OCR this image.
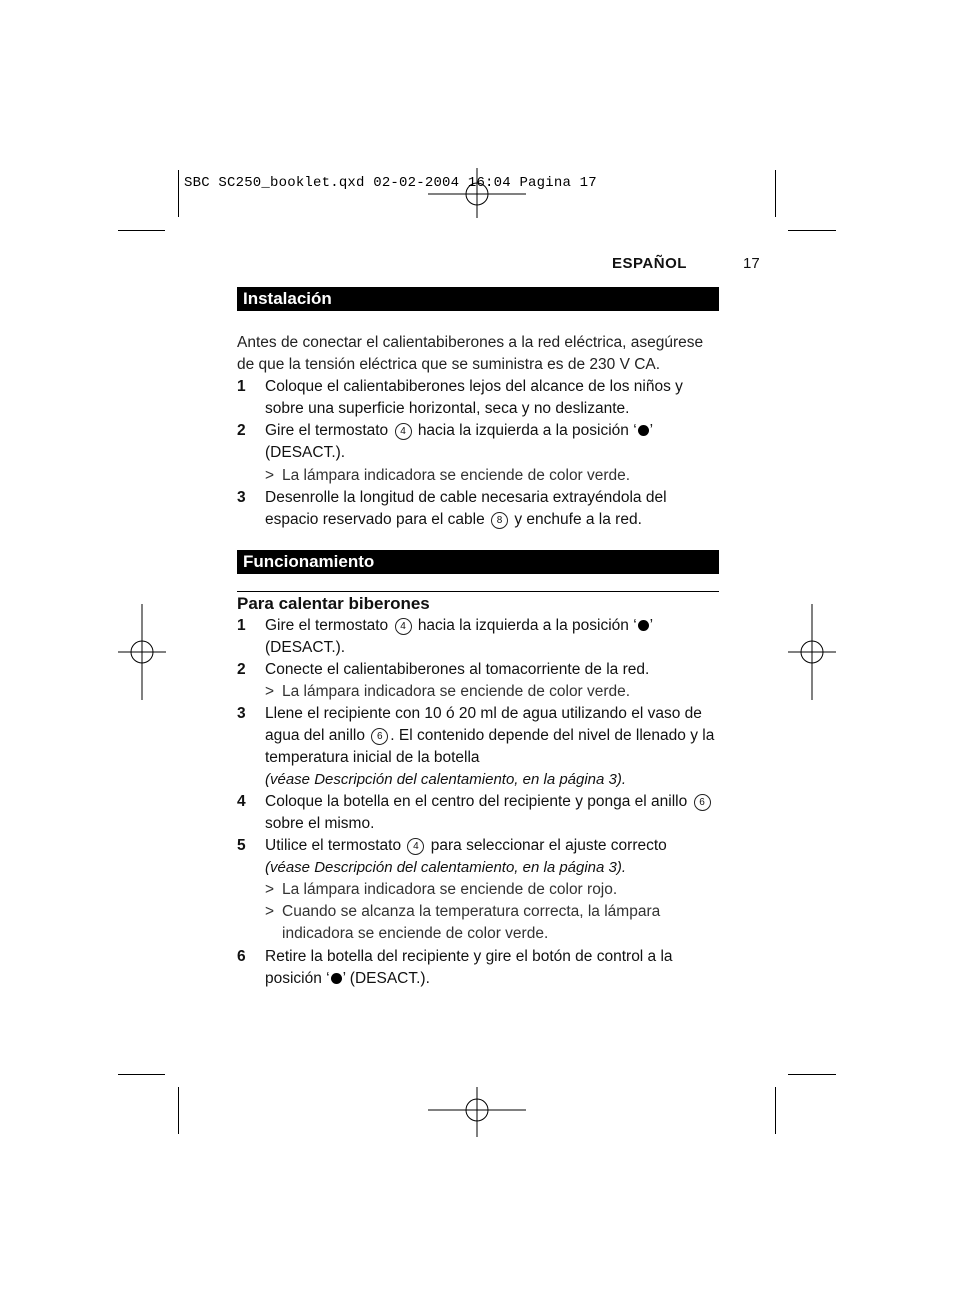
SBC SC250_booklet.qxd 02-02-2004 16:04 Pagina 17
ESPAÑOL	17
Instalación
Antes de conectar el calientabiberones a la red eléctrica, asegúrese de que la tensión eléctrica que se suministra es de 230 V CA.
1 Coloque el calientabiberones lejos del alcance de los niños y sobre una superficie horizontal, seca y no deslizante.
2 Gire el termostato 4 hacia la izquierda a la posición ‘ ’ (DESACT.).
> La lámpara indicadora se enciende de color verde.
3 Desenrolle la longitud de cable necesaria extrayéndola del espacio reservado para el cable 8 y enchufe a la red.
Funcionamiento
Para calentar biberones
1 Gire el termostato 4 hacia la izquierda a la posición ‘ ’ (DESACT.).
2 Conecte el calientabiberones al tomacorriente de la red.
> La lámpara indicadora se enciende de color verde.
3 Llene el recipiente con 10 ó 20 ml de agua utilizando el vaso de agua del anillo 6 . El contenido depende del nivel de llenado y la temperatura inicial de la botella
(véase Descripción del calentamiento, en la página 3).
4 Coloque la botella en el centro del recipiente y ponga el anillo 6 sobre el mismo.
5 Utilice el termostato 4 para seleccionar el ajuste correcto
(véase Descripción del calentamiento, en la página 3).
> La lámpara indicadora se enciende de color rojo.
> Cuando se alcanza la temperatura correcta, la lámpara indicadora se enciende de color verde.
6 Retire la botella del recipiente y gire el botón de control a la posición ‘ ’ (DESACT.).
